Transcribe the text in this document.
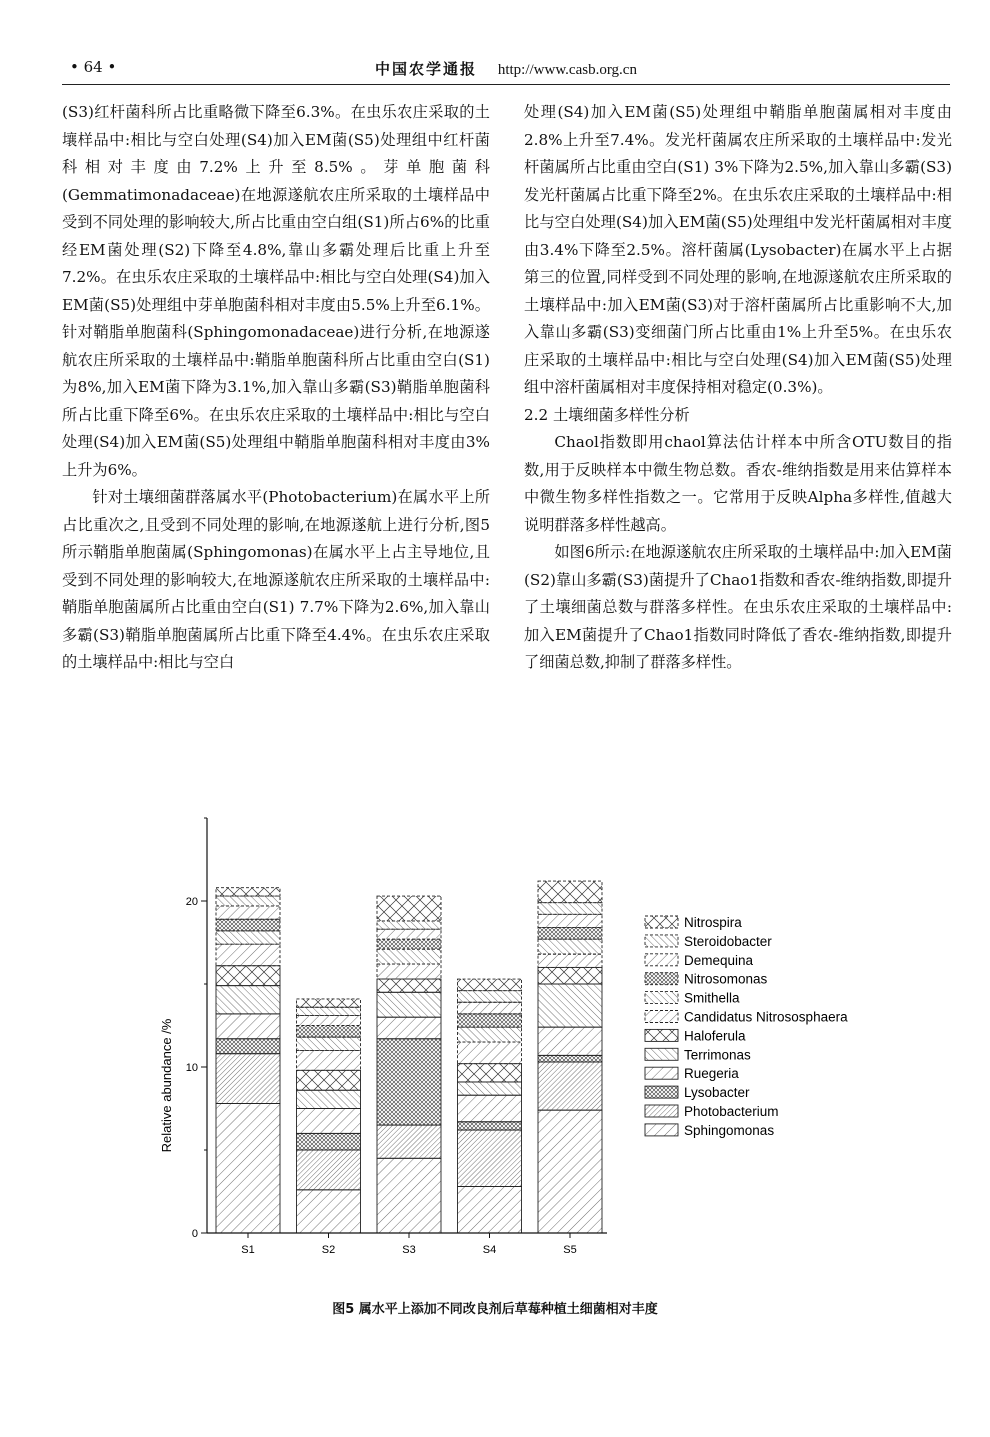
• 64 •	中国农学通报 http://www.casb.org.cn

(S3)红杆菌科所占比重略微下降至6.3%。在虫乐农庄采取的土壤样品中:相比与空白处理(S4)加入EM菌(S5)处理组中红杆菌科相对丰度由7.2%上升至8.5%。芽单胞菌科(Gemmatimonadaceae)在地源遂航农庄所采取的土壤样品中受到不同处理的影响较大,所占比重由空白组(S1)所占6%的比重经EM菌处理(S2)下降至4.8%,靠山多霸处理后比重上升至7.2%。在虫乐农庄采取的土壤样品中:相比与空白处理(S4)加入EM菌(S5)处理组中芽单胞菌科相对丰度由5.5%上升至6.1%。针对鞘脂单胞菌科(Sphingomonadaceae)进行分析,在地源遂航农庄所采取的土壤样品中:鞘脂单胞菌科所占比重由空白(S1)为8%,加入EM菌下降为3.1%,加入靠山多霸(S3)鞘脂单胞菌科所占比重下降至6%。在虫乐农庄采取的土壤样品中:相比与空白处理(S4)加入EM菌(S5)处理组中鞘脂单胞菌科相对丰度由3%上升为6%。

针对土壤细菌群落属水平(Photobacterium)在属水平上所占比重次之,且受到不同处理的影响,在地源遂航上进行分析,图5所示鞘脂单胞菌属(Sphingomonas)在属水平上占主导地位,且受到不同处理的影响较大,在地源遂航农庄所采取的土壤样品中:鞘脂单胞菌属所占比重由空白(S1) 7.7%下降为2.6%,加入靠山多霸(S3)鞘脂单胞菌属所占比重下降至4.4%。在虫乐农庄采取的土壤样品中:相比与空白

处理(S4)加入EM菌(S5)处理组中鞘脂单胞菌属相对丰度由2.8%上升至7.4%。发光杆菌属农庄所采取的土壤样品中:发光杆菌属所占比重由空白(S1) 3%下降为2.5%,加入靠山多霸(S3)发光杆菌属占比重下降至2%。在虫乐农庄采取的土壤样品中:相比与空白处理(S4)加入EM菌(S5)处理组中发光杆菌属相对丰度由3.4%下降至2.5%。溶杆菌属(Lysobacter)在属水平上占据第三的位置,同样受到不同处理的影响,在地源遂航农庄所采取的土壤样品中:加入EM菌(S3)对于溶杆菌属所占比重影响不大,加入靠山多霸(S3)变细菌门所占比重由1%上升至5%。在虫乐农庄采取的土壤样品中:相比与空白处理(S4)加入EM菌(S5)处理组中溶杆菌属相对丰度保持相对稳定(0.3%)。

2.2 土壤细菌多样性分析

Chaol指数即用chaol算法估计样本中所含OTU数目的指数,用于反映样本中微生物总数。香农-维纳指数是用来估算样本中微生物多样性指数之一。它常用于反映Alpha多样性,值越大说明群落多样性越高。

如图6所示:在地源遂航农庄所采取的土壤样品中:加入EM菌(S2)靠山多霸(S3)菌提升了Chao1指数和香农-维纳指数,即提升了土壤细菌总数与群落多样性。在虫乐农庄采取的土壤样品中:加入EM菌提升了Chao1指数同时降低了香农-维纳指数,即提升了细菌总数,抑制了群落多样性。

0
10
20
Relative abundance /%
S1	S2	S3	S4	S5
Nitrospira
Steroidobacter
Demequina
Nitrosomonas
Smithella
Candidatus Nitrososphaera
Haloferula
Terrimonas
Ruegeria
Lysobacter
Photobacterium
Sphingomonas
图5 属水平上添加不同改良剂后草莓种植土细菌相对丰度
